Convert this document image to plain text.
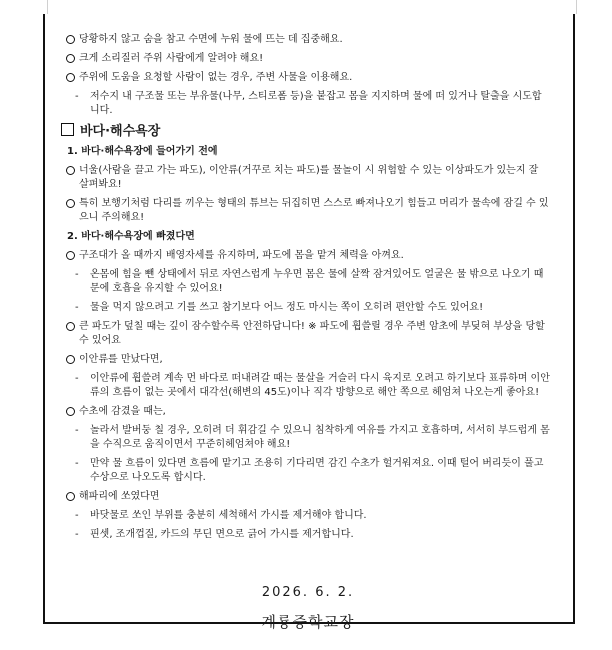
당황하지 않고 숨을 참고 수면에 누워 물에 뜨는 데 집중해요.
크게 소리질러 주위 사람에게 알려야 해요!
주위에 도움을 요청할 사람이 없는 경우, 주변 사물을 이용해요.
- 저수지 내 구조물 또는 부유물(나무, 스티로폼 등)을 붙잡고 몸을 지지하며 물에 떠 있거나 탈출을 시도합니다.
바다·해수욕장
1. 바다·해수욕장에 들어가기 전에
너울(사람을 끌고 가는 파도), 이안류(거꾸로 치는 파도)를 물놀이 시 위험할 수 있는 이상파도가 있는지 잘 살펴봐요!
특히 보행기처럼 다리를 끼우는 형태의 튜브는 뒤집히면 스스로 빠져나오기 힘들고 머리가 물속에 잠길 수 있으니 주의해요!
2. 바다·해수욕장에 빠졌다면
구조대가 올 때까지 배영자세를 유지하며, 파도에 몸을 맡겨 체력을 아껴요.
- 온몸에 힘을 뺀 상태에서 뒤로 자연스럽게 누우면 몸은 물에 살짝 잠겨있어도 얼굴은 물 밖으로 나오기 때문에 호흡을 유지할 수 있어요!
- 물을 먹지 않으려고 기를 쓰고 참기보다 어느 정도 마시는 쪽이 오히려 편안할 수도 있어요!
큰 파도가 덮칠 때는 깊이 잠수할수록 안전하답니다! ※ 파도에 휩쓸릴 경우 주변 암초에 부딪혀 부상을 당할 수 있어요
이안류를 만났다면,
- 이안류에 휩쓸려 계속 먼 바다로 떠내려갈 때는 물살을 거슬러 다시 육지로 오려고 하기보다 표류하며 이안류의 흐름이 없는 곳에서 대각선(해변의 45도)이나 직각 방향으로 해안 쪽으로 헤엄쳐 나오는게 좋아요!
수초에 감겼을 때는,
- 놀라서 발버둥 칠 경우, 오히려 더 휘감길 수 있으니 침착하게 여유를 가지고 호흡하며, 서서히 부드럽게 몸을 수직으로 움직이면서 꾸준히헤엄쳐야 해요!
- 만약 물 흐름이 있다면 흐름에 맡기고 조용히 기다리면 감긴 수초가 헐거워져요. 이때 털어 버리듯이 풀고 수상으로 나오도록 합시다.
해파리에 쏘였다면
- 바닷물로 쏘인 부위를 충분히 세척해서 가시를 제거해야 합니다.
- 핀셋, 조개껍질, 카드의 무딘 면으로 긁어 가시를 제거합니다.
2026. 6. 2.
계룡중학교장
